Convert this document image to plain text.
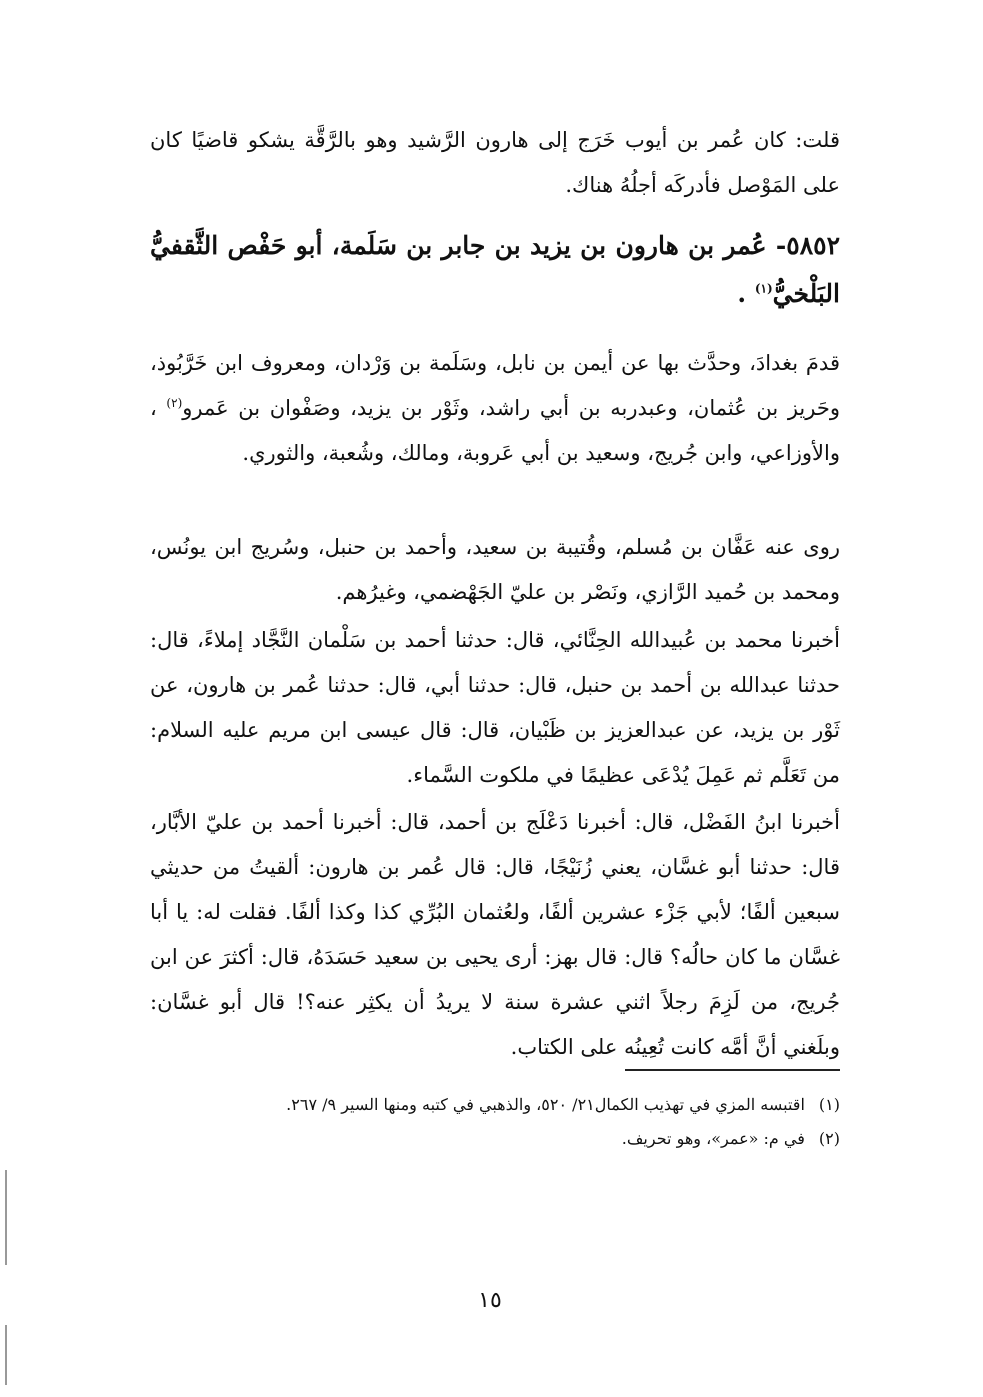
قلت: كان عُمر بن أيوب خَرَج إلى هارون الرَّشيد وهو بالرَّقَّة يشكو قاضيًا كان على المَوْصل فأدركَه أجلُهُ هناك.
٥٨٥٢- عُمر بن هارون بن يزيد بن جابر بن سَلَمة، أبو حَفْص الثَّقفيُّ البَلْخيُّ$^{(١)}$ .
قدمَ بغدادَ، وحدَّث بها عن أيمن بن نابل، وسَلَمة بن وَرْدان، ومعروف ابن خَرَّبُوذ، وحَريز بن عُثمان، وعبدربه بن أبي راشد، وثَوْر بن يزيد، وصَفْوان بن عَمرو$^{(٢)}$ ، والأوزاعي، وابن جُريج، وسعيد بن أبي عَروبة، ومالك، وشُعبة، والثوري.
روى عنه عَفَّان بن مُسلم، وقُتيبة بن سعيد، وأحمد بن حنبل، وسُريج ابن يونُس، ومحمد بن حُميد الرَّازي، ونَصْر بن عليّ الجَهْضمي، وغيرُهم.
أخبرنا محمد بن عُبيدالله الحِنَّائي، قال: حدثنا أحمد بن سَلْمان النَّجَّاد إملاءً، قال: حدثنا عبدالله بن أحمد بن حنبل، قال: حدثنا أبي، قال: حدثنا عُمر بن هارون، عن ثَوْر بن يزيد، عن عبدالعزيز بن ظَبْيان، قال: قال عيسى ابن مريم عليه السلام: من تَعَلَّم ثم عَمِلَ يُدْعَى عظيمًا في ملكوت السَّماء.
أخبرنا ابنُ الفَضْل، قال: أخبرنا دَعْلَج بن أحمد، قال: أخبرنا أحمد بن عليّ الأبَّار، قال: حدثنا أبو غسَّان، يعني زُنَيْجًا، قال: قال عُمر بن هارون: ألقيتُ من حديثي سبعين ألفًا؛ لأبي جَزْء عشرين ألفًا، ولعُثمان البُرِّي كذا وكذا ألفًا. فقلت له: يا أبا غسَّان ما كان حالُه؟ قال: قال بهز: أرى يحيى بن سعيد حَسَدَهُ، قال: أكثرَ عن ابن جُريج، من لَزِمَ رجلاً اثني عشرة سنة لا يريدُ أن يكثِر عنه؟! قال أبو غسَّان: وبلَغني أنَّ أمَّه كانت تُعِينُه على الكتاب.
(١)اقتبسه المزي في تهذيب الكمال٢١/ ٥٢٠، والذهبي في كتبه ومنها السير ٩/ ٢٦٧.
(٢)في م: «عمر»، وهو تحريف.
١٥
